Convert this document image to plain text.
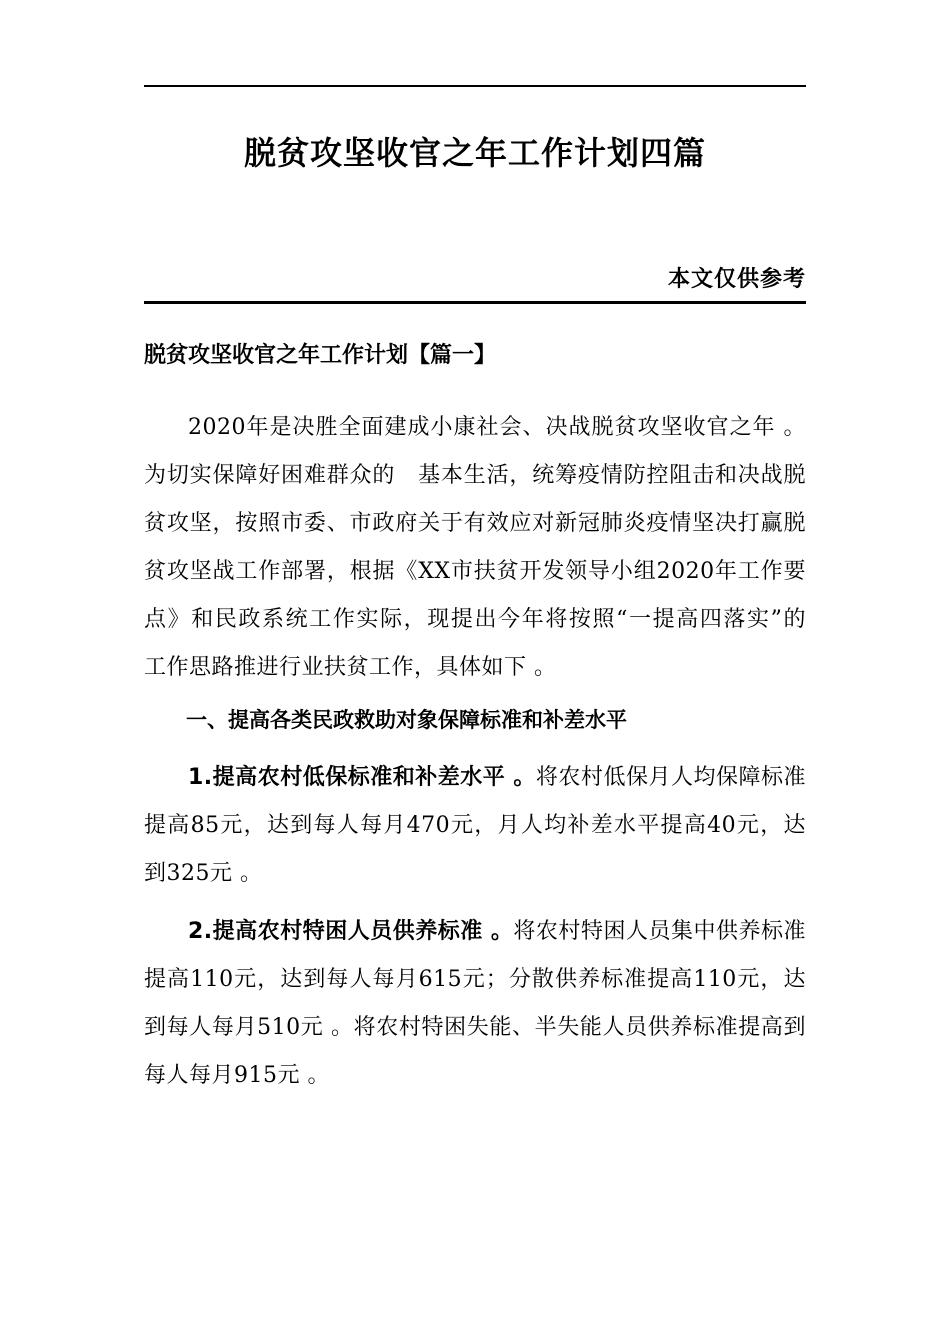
脱贫攻坚收官之年工作计划四篇
本文仅供参考
脱贫攻坚收官之年工作计划【篇一】

2020年是决胜全面建成小康社会、决战脱贫攻坚收官之年 。为切实保障好困难群众的　基本生活，统筹疫情防控阻击和决战脱贫攻坚，按照市委、市政府关于有效应对新冠肺炎疫情坚决打赢脱贫攻坚战工作部署，根据《XX市扶贫开发领导小组2020年工作要点》和民政系统工作实际，现提出今年将按照“一提高四落实”的　工作思路推进行业扶贫工作，具体如下 。

一、提高各类民政救助对象保障标准和补差水平

1.提高农村低保标准和补差水平 。将农村低保月人均保障标准提高85元，达到每人每月470元，月人均补差水平提高40元，达到325元 。

2.提高农村特困人员供养标准 。将农村特困人员集中供养标准提高110元，达到每人每月615元；分散供养标准提高110元，达到每人每月510元 。将农村特困失能、半失能人员供养标准提高到每人每月915元 。
